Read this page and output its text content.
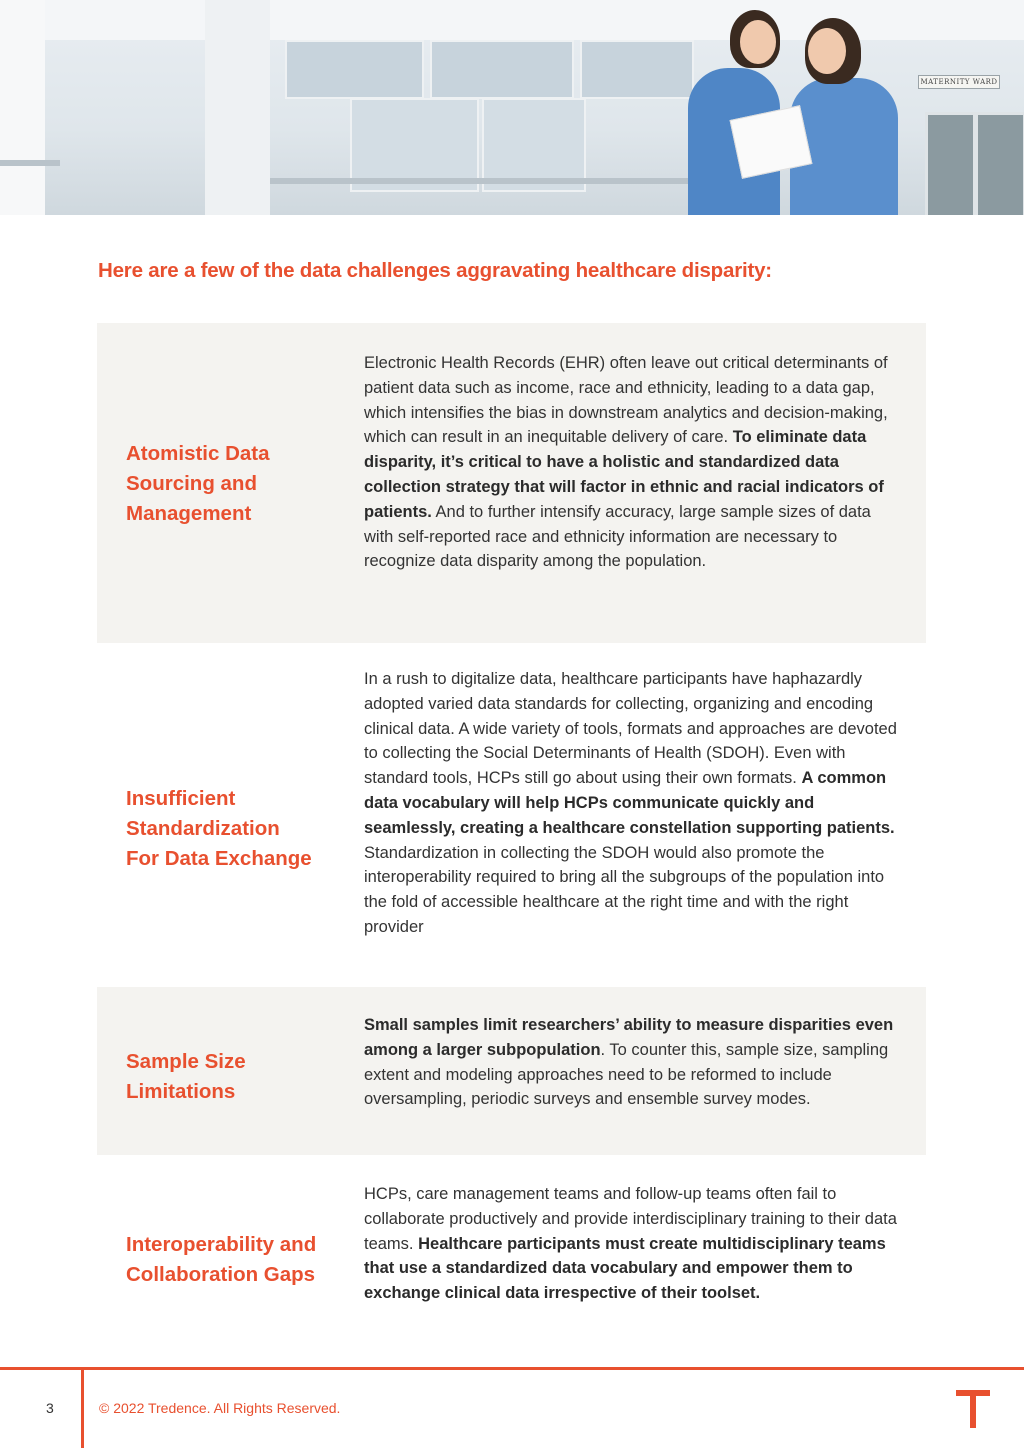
MATERNITY WARD
Here are a few of the data challenges aggravating healthcare disparity:
Atomistic Data
Sourcing and
Management

Electronic Health Records (EHR) often leave out critical determinants of patient data such as income, race and ethnicity, leading to a data gap, which intensifies the bias in downstream analytics and decision-making, which can result in an inequitable delivery of care. To eliminate data disparity, it’s critical to have a holistic and standardized data collection strategy that will factor in ethnic and racial indicators of patients. And to further intensify accuracy, large sample sizes of data with self-reported race and ethnicity information are necessary to recognize data disparity among the population.

Insufficient
Standardization
For Data Exchange

In a rush to digitalize data, healthcare participants have haphazardly adopted varied data standards for collecting, organizing and encoding clinical data. A wide variety of tools, formats and approaches are devoted to collecting the Social Determinants of Health (SDOH). Even with standard tools, HCPs still go about using their own formats. A common data vocabulary will help HCPs communicate quickly and seamlessly, creating a healthcare constellation supporting patients. Standardization in collecting the SDOH would also promote the interoperability required to bring all the subgroups of the population into the fold of accessible healthcare at the right time and with the right provider

Sample Size
Limitations

Small samples limit researchers’ ability to measure disparities even among a larger subpopulation. To counter this, sample size, sampling extent and modeling approaches need to be reformed to include oversampling, periodic surveys and ensemble survey modes.

Interoperability and
Collaboration Gaps

HCPs, care management teams and follow-up teams often fail to collaborate productively and provide interdisciplinary training to their data teams. Healthcare participants must create multidisciplinary teams that use a standardized data vocabulary and empower them to exchange clinical data irrespective of their toolset.

3	© 2022 Tredence. All Rights Reserved.
